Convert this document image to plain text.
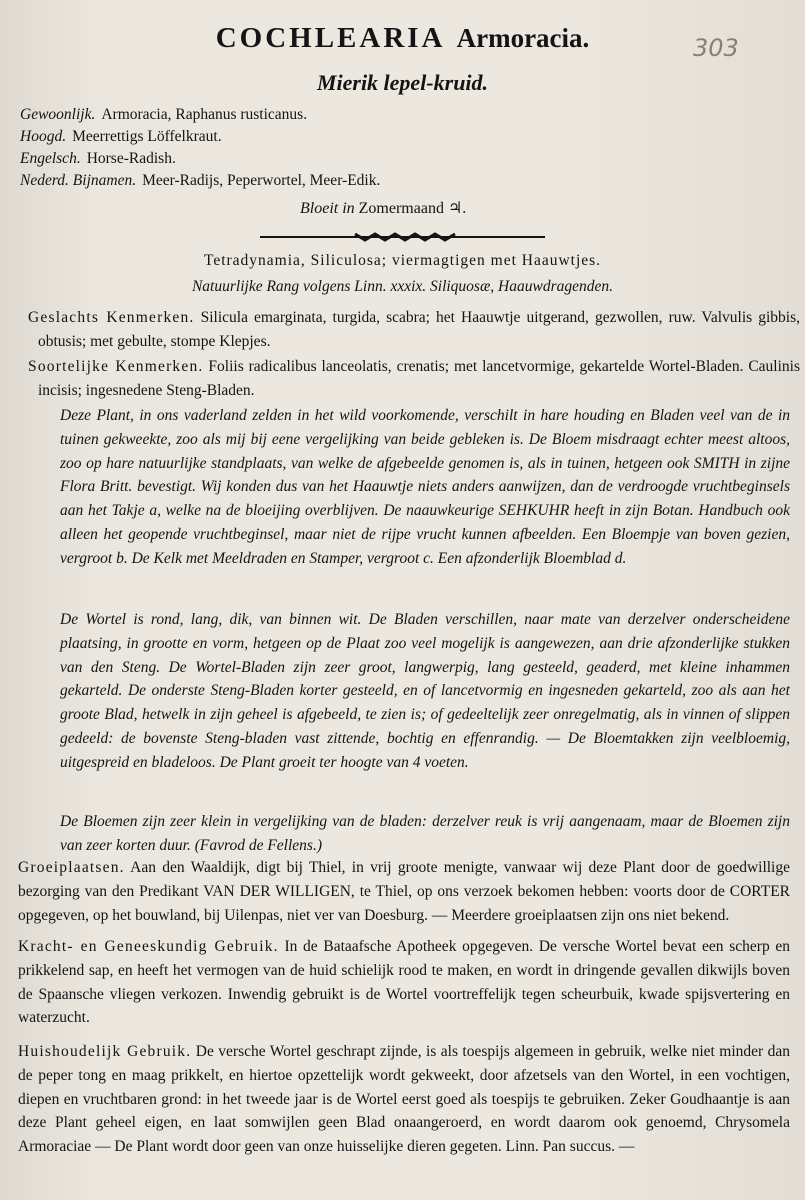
COCHLEARIA Armoracia.	303
Mierik lepel-kruid.
Gewoonlijk. Armoracia, Raphanus rusticanus.
Hoogd. Meerrettigs Löffelkraut.
Engelsch. Horse-Radish.
Nederd. Bijnamen. Meer-Radijs, Peperwortel, Meer-Edik.
Bloeit in Zomermaand ♃.
Tetradynamia, Siliculosa; viermagtigen met Haauwtjes.
Natuurlijke Rang volgens Linn. xxxix. Siliquosæ, Haauwdragenden.
Geslachts Kenmerken. Silicula emarginata, turgida, scabra; het Haauwtje uitgerand, gezwollen, ruw. Valvulis gibbis, obtusis; met gebulte, stompe Klepjes.
Soortelijke Kenmerken. Foliis radicalibus lanceolatis, crenatis; met lancetvormige, gekartelde Wortel-Bladen. Caulinis incisis; ingesnedene Steng-Bladen.
Deze Plant, in ons vaderland zelden in het wild voorkomende, verschilt in hare houding en Bladen veel van de in tuinen gekweekte, zoo als mij bij eene vergelijking van beide gebleken is. De Bloem misdraagt echter meest altoos, zoo op hare natuurlijke standplaats, van welke de afgebeelde genomen is, als in tuinen, hetgeen ook SMITH in zijne Flora Britt. bevestigt. Wij konden dus van het Haauwtje niets anders aanwijzen, dan de verdroogde vruchtbeginsels aan het Takje a, welke na de bloeijing overblijven. De naauwkeurige SEHKUHR heeft in zijn Botan. Handbuch ook alleen het geopende vruchtbeginsel, maar niet de rijpe vrucht kunnen afbeelden. Een Bloempje van boven gezien, vergroot b. De Kelk met Meeldraden en Stamper, vergroot c. Een afzonderlijk Bloemblad d.
De Wortel is rond, lang, dik, van binnen wit. De Bladen verschillen, naar mate van derzelver onderscheidene plaatsing, in grootte en vorm, hetgeen op de Plaat zoo veel mogelijk is aangewezen, aan drie afzonderlijke stukken van den Steng. De Wortel-Bladen zijn zeer groot, langwerpig, lang gesteeld, geaderd, met kleine inhammen gekarteld. De onderste Steng-Bladen korter gesteeld, en of lancetvormig en ingesneden gekarteld, zoo als aan het groote Blad, hetwelk in zijn geheel is afgebeeld, te zien is; of gedeeltelijk zeer onregelmatig, als in vinnen of slippen gedeeld: de bovenste Steng-bladen vast zittende, bochtig en effenrandig. — De Bloemtakken zijn veelbloemig, uitgespreid en bladeloos. De Plant groeit ter hoogte van 4 voeten.
De Bloemen zijn zeer klein in vergelijking van de bladen: derzelver reuk is vrij aangenaam, maar de Bloemen zijn van zeer korten duur. (Favrod de Fellens.)
Groeiplaatsen. Aan den Waaldijk, digt bij Thiel, in vrij groote menigte, vanwaar wij deze Plant door de goedwillige bezorging van den Predikant VAN DER WILLIGEN, te Thiel, op ons verzoek bekomen hebben: voorts door de CORTER opgegeven, op het bouwland, bij Uilenpas, niet ver van Doesburg. — Meerdere groeiplaatsen zijn ons niet bekend.
Kracht- en Geneeskundig Gebruik. In de Bataafsche Apotheek opgegeven. De versche Wortel bevat een scherp en prikkelend sap, en heeft het vermogen van de huid schielijk rood te maken, en wordt in dringende gevallen dikwijls boven de Spaansche vliegen verkozen. Inwendig gebruikt is de Wortel voortreffelijk tegen scheurbuik, kwade spijsvertering en waterzucht.
Huishoudelijk Gebruik. De versche Wortel geschrapt zijnde, is als toespijs algemeen in gebruik, welke niet minder dan de peper tong en maag prikkelt, en hiertoe opzettelijk wordt gekweekt, door afzetsels van den Wortel, in een vochtigen, diepen en vruchtbaren grond: in het tweede jaar is de Wortel eerst goed als toespijs te gebruiken. Zeker Goudhaantje is aan deze Plant geheel eigen, en laat somwijlen geen Blad onaangeroerd, en wordt daarom ook genoemd, Chrysomela Armoraciae — De Plant wordt door geen van onze huisselijke dieren gegeten. Linn. Pan succus. —
